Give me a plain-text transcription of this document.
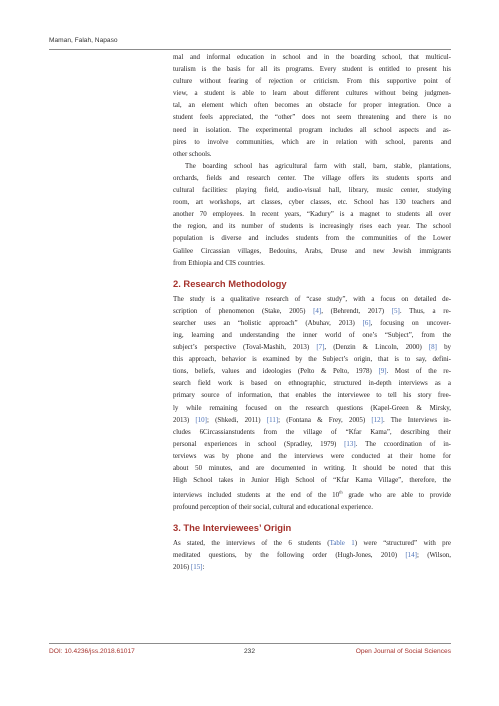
Maman, Falah, Napaso
mal and informal education in school and in the boarding school, that multicul-
turalism is the basis for all its programs. Every student is entitled to present his
culture without fearing of rejection or criticism. From this supportive point of
view, a student is able to learn about different cultures without being judgmen-
tal, an element which often becomes an obstacle for proper integration. Once a
student feels appreciated, the “other” does not seem threatening and there is no
need in isolation. The experimental program includes all school aspects and as-
pires to involve communities, which are in relation with school, parents and
other schools.
The boarding school has agricultural farm with stall, barn, stable, plantations,
orchards, fields and research center. The village offers its students sports and
cultural facilities: playing field, audio-visual hall, library, music center, studying
room, art workshops, art classes, cyber classes, etc. School has 130 teachers and
another 70 employees. In recent years, “Kadury” is a magnet to students all over
the region, and its number of students is increasingly rises each year. The school
population is diverse and includes students from the communities of the Lower
Galilee Circassian villages, Bedouins, Arabs, Druse and new Jewish immigrants
from Ethiopia and CIS countries.
2. Research Methodology
The study is a qualitative research of “case study”, with a focus on detailed de-
scription of phenomenon (Stake, 2005) [4], (Behrendt, 2017) [5]. Thus, a re-
searcher uses an “holistic approach” (Abuhav, 2013) [6], focusing on uncover-
ing, learning and understanding the inner world of one’s “Subject”, from the
subject’s perspective (Toval-Mashih, 2013) [7], (Denzin & Lincoln, 2000) [8] by
this approach, behavior is examined by the Subject’s origin, that is to say, defini-
tions, beliefs, values and ideologies (Pelto & Pelto, 1978) [9]. Most of the re-
search field work is based on ethnographic, structured in-depth interviews as a
primary source of information, that enables the interviewee to tell his story free-
ly while remaining focused on the research questions (Kapel-Green & Mirsky,
2013) [10]; (Shkedi, 2011) [11]; (Fontana & Frey, 2005) [12]. The Interviews in-
cludes 6Circassianstudents from the village of “Kfar Kama”, describing their
personal experiences in school (Spradley, 1979) [13]. The ccoordination of in-
terviews was by phone and the interviews were conducted at their home for
about 50 minutes, and are documented in writing. It should be noted that this
High School takes in Junior High School of “Kfar Kama Village”, therefore, the
interviews included students at the end of the 10th grade who are able to provide
profound perception of their social, cultural and educational experience.
3. The Interviewees’ Origin
As stated, the interviews of the 6 students (Table 1) were “structured” with pre
meditated questions, by the following order (Hugh-Jones, 2010) [14]; (Wilson,
2016) [15]:
DOI: 10.4236/jss.2018.61017	232	Open Journal of Social Sciences
